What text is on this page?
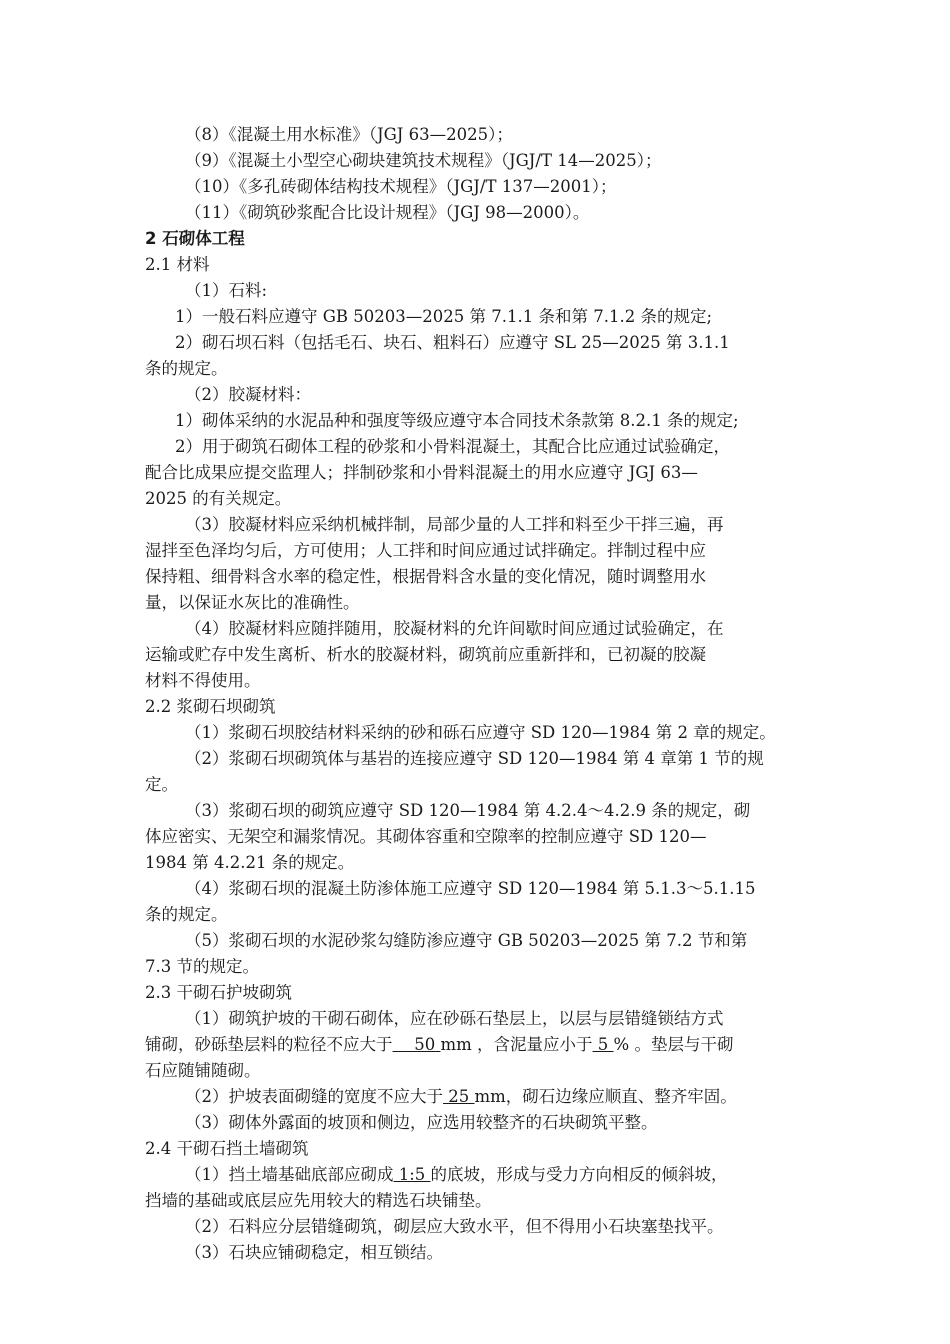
（8）《混凝土用水标准》（JGJ 63—2025）；
（9）《混凝土小型空心砌块建筑技术规程》（JGJ/T 14—2025）；
（10）《多孔砖砌体结构技术规程》（JGJ/T 137—2001）；
（11）《砌筑砂浆配合比设计规程》（JGJ 98—2000）。
2 石砌体工程
2.1 材料
（1）石料:
1）一般石料应遵守 GB 50203—2025 第 7.1.1 条和第 7.1.2 条的规定;
2）砌石坝石料（包括毛石、块石、粗料石）应遵守 SL 25—2025 第 3.1.1
条的规定。
（2）胶凝材料：
1）砌体采纳的水泥品种和强度等级应遵守本合同技术条款第 8.2.1 条的规定;
2）用于砌筑石砌体工程的砂浆和小骨料混凝土，其配合比应通过试验确定，
配合比成果应提交监理人；拌制砂浆和小骨料混凝土的用水应遵守 JGJ 63—
2025 的有关规定。
（3）胶凝材料应采纳机械拌制，局部少量的人工拌和料至少干拌三遍，再
湿拌至色泽均匀后，方可使用；人工拌和时间应通过试拌确定。拌制过程中应
保持粗、细骨料含水率的稳定性，根据骨料含水量的变化情况，随时调整用水
量，以保证水灰比的准确性。
（4）胶凝材料应随拌随用，胶凝材料的允许间歇时间应通过试验确定，在
运输或贮存中发生离析、析水的胶凝材料，砌筑前应重新拌和，已初凝的胶凝
材料不得使用。
2.2 浆砌石坝砌筑
（1）浆砌石坝胶结材料采纳的砂和砾石应遵守 SD 120—1984 第 2 章的规定。
（2）浆砌石坝砌筑体与基岩的连接应遵守 SD 120—1984 第 4 章第 1 节的规
定。
（3）浆砌石坝的砌筑应遵守 SD 120—1984 第 4.2.4～4.2.9 条的规定，砌
体应密实、无架空和漏浆情况。其砌体容重和空隙率的控制应遵守 SD 120—
1984 第 4.2.21 条的规定。
（4）浆砌石坝的混凝土防渗体施工应遵守 SD 120—1984 第 5.1.3～5.1.15
条的规定。
（5）浆砌石坝的水泥砂浆勾缝防渗应遵守 GB 50203—2025 第 7.2 节和第
7.3 节的规定。
2.3 干砌石护坡砌筑
（1）砌筑护坡的干砌石砌体，应在砂砾石垫层上，以层与层错缝锁结方式
铺砌，砂砾垫层料的粒径不应大于　 50 mm ，含泥量应小于 5 % 。垫层与干砌
石应随铺随砌。
（2）护坡表面砌缝的宽度不应大于 25 mm，砌石边缘应顺直、整齐牢固。
（3）砌体外露面的坡顶和侧边，应选用较整齐的石块砌筑平整。
2.4 干砌石挡土墙砌筑
（1）挡土墙基础底部应砌成 1:5 的底坡，形成与受力方向相反的倾斜坡，
挡墙的基础或底层应先用较大的精选石块铺垫。
（2）石料应分层错缝砌筑，砌层应大致水平，但不得用小石块塞垫找平。
（3）石块应铺砌稳定，相互锁结。
